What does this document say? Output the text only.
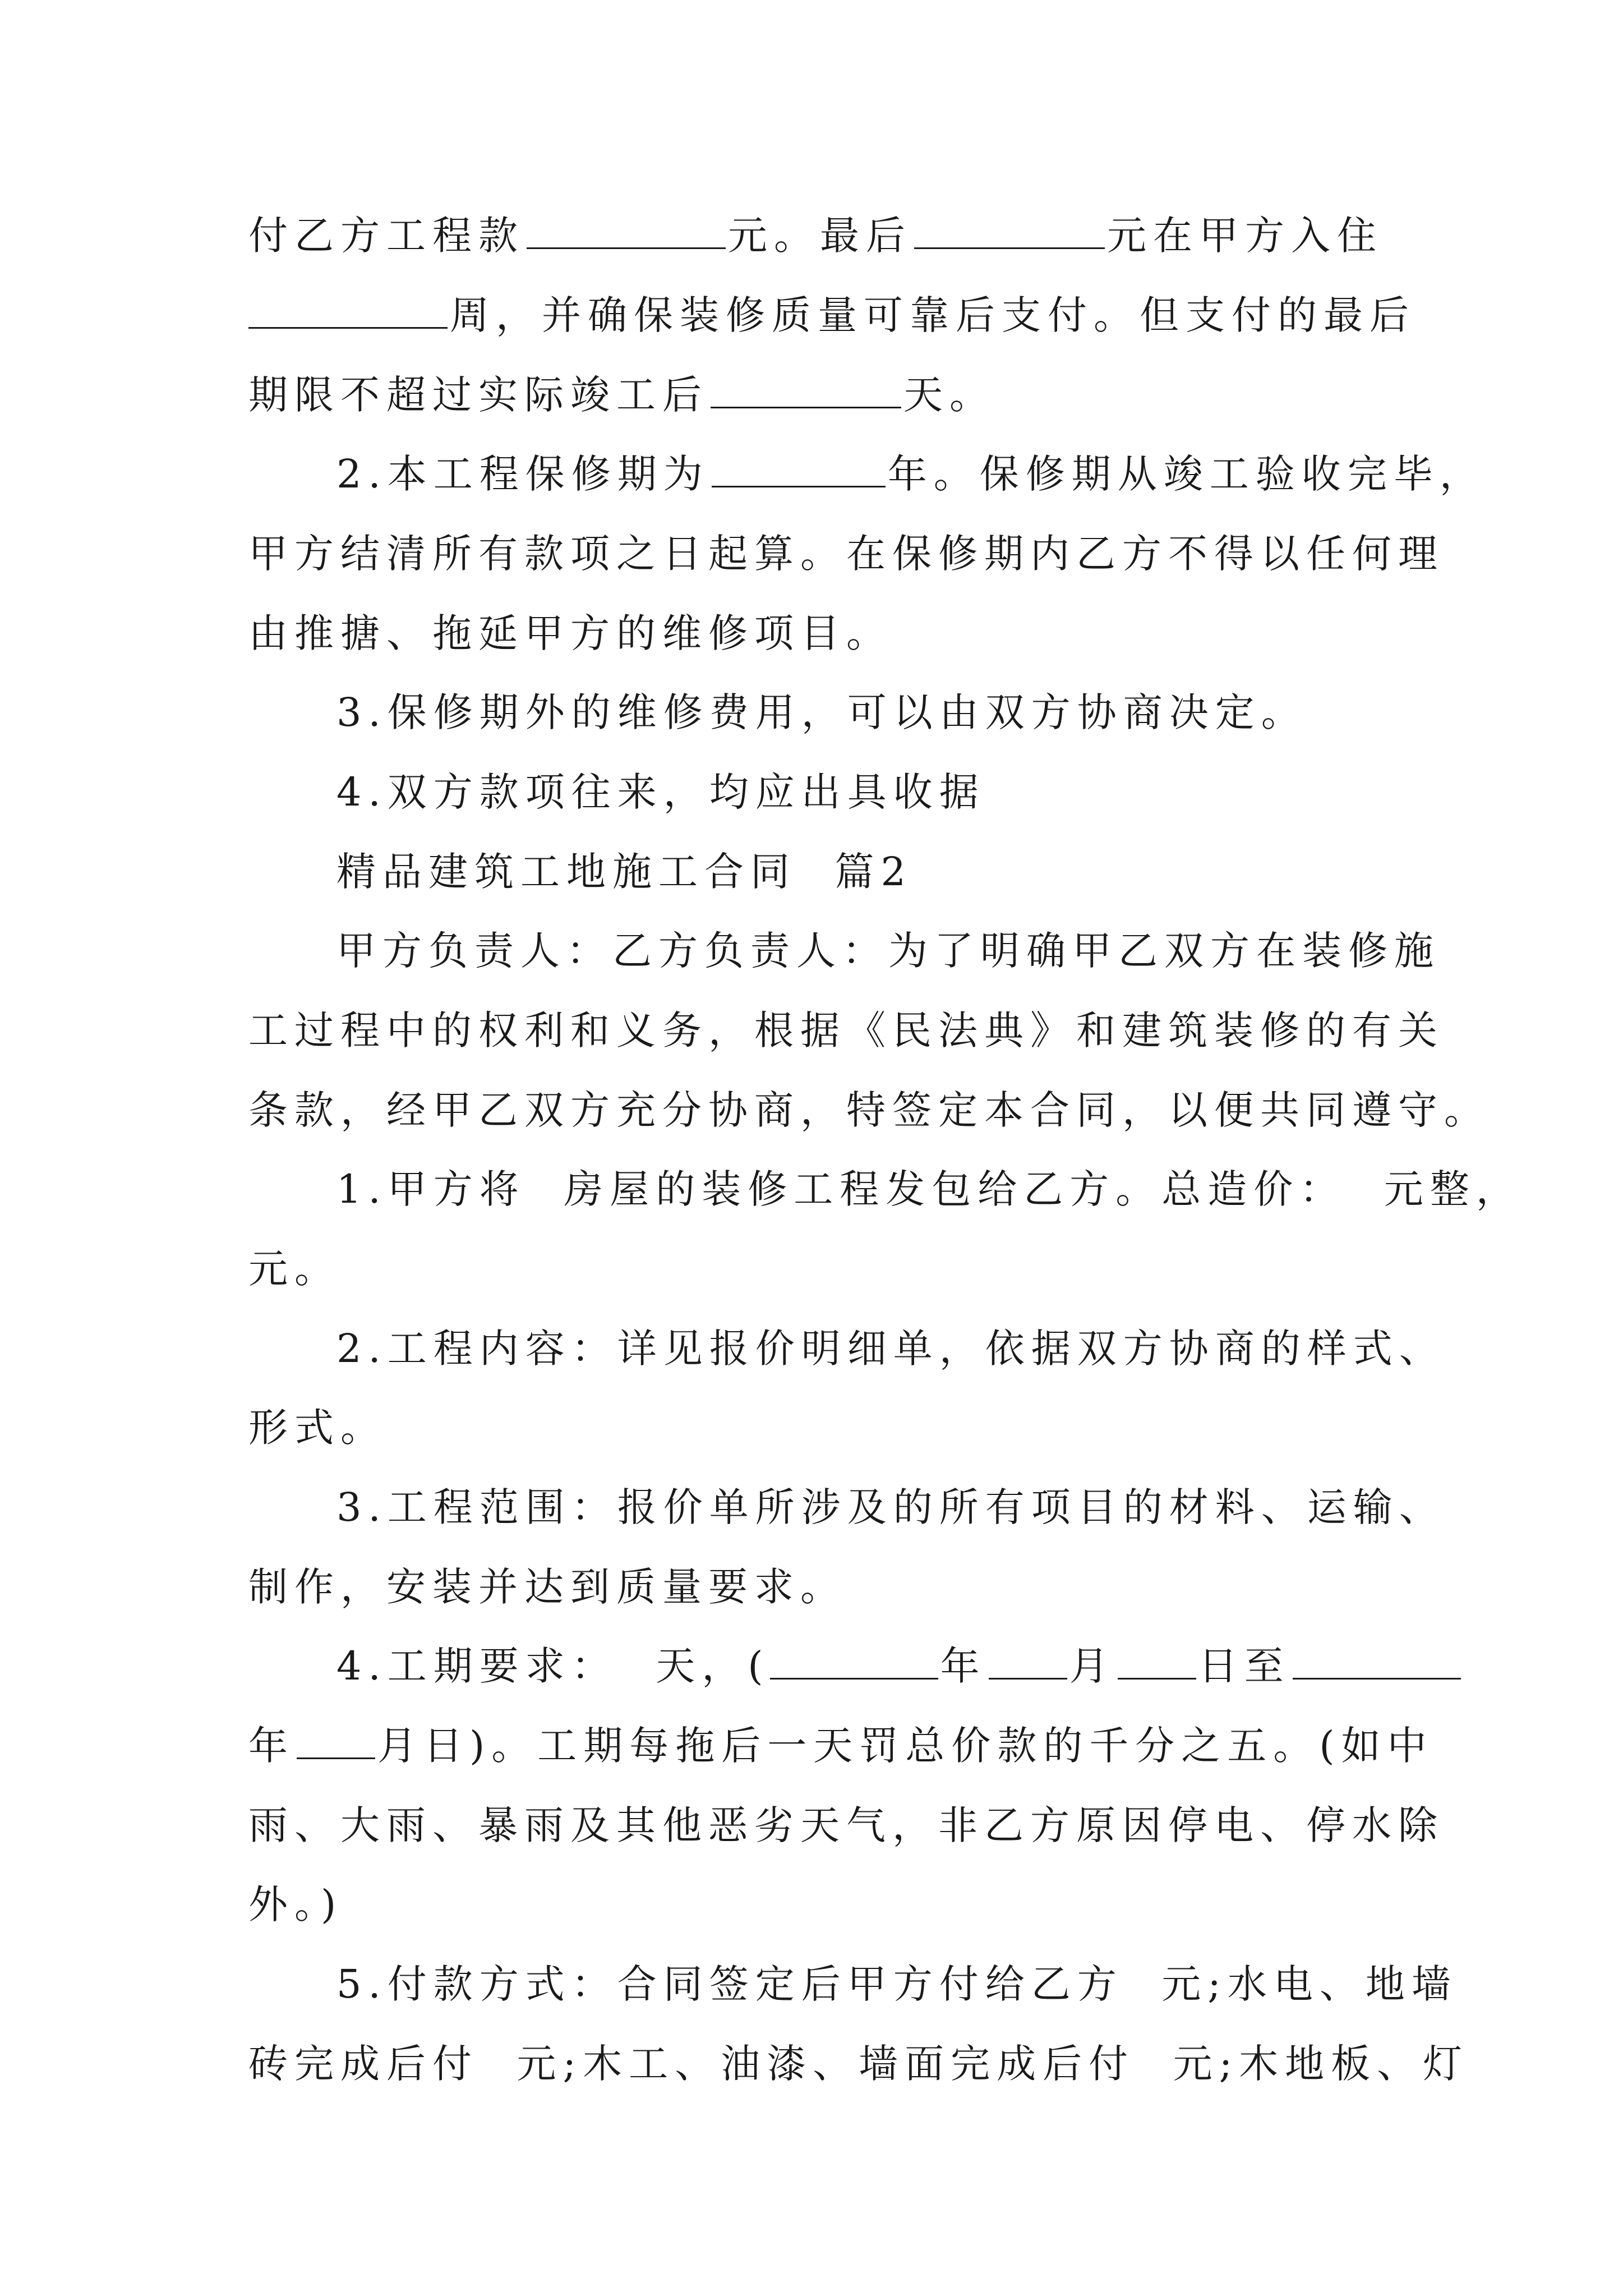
付乙方工程款	元。最后	元在甲方入住
周，并确保装修质量可靠后支付。但支付的最后
期限不超过实际竣工后	天。
2.本工程保修期为	年。保修期从竣工验收完毕，
甲方结清所有款项之日起算。在保修期内乙方不得以任何理
由推搪、拖延甲方的维修项目。
3.保修期外的维修费用，可以由双方协商决定。
4.双方款项往来，均应出具收据
精品建筑工地施工合同  篇2
甲方负责人：乙方负责人：为了明确甲乙双方在装修施
工过程中的权利和义务，根据《民法典》和建筑装修的有关
条款，经甲乙双方充分协商，特签定本合同，以便共同遵守。
1.甲方将  房屋的装修工程发包给乙方。总造价：  元整，
元。
2.工程内容：详见报价明细单，依据双方协商的样式、
形式。
3.工程范围：报价单所涉及的所有项目的材料、运输、
制作，安装并达到质量要求。
4.工期要求：  天，(	年 月 日至
年 月日)。工期每拖后一天罚总价款的千分之五。(如中
雨、大雨、暴雨及其他恶劣天气，非乙方原因停电、停水除
外。)
5.付款方式：合同签定后甲方付给乙方  元;水电、地墙
砖完成后付  元;木工、油漆、墙面完成后付  元;木地板、灯
